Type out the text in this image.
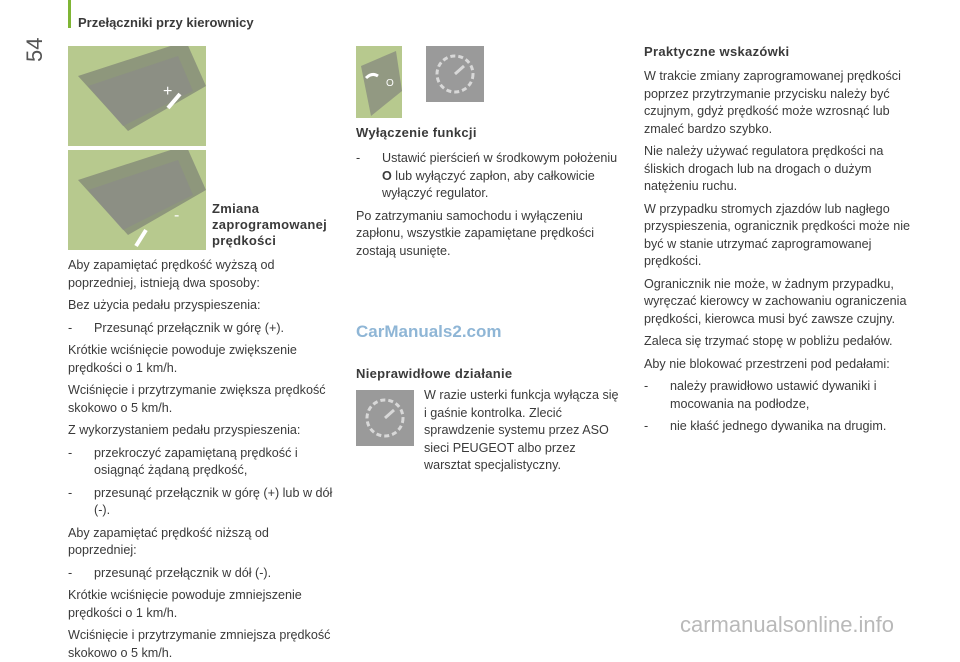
54
Przełączniki przy kierownicy
+
-	Zmiana
zaprogramowanej
prędkości

Aby zapamiętać prędkość wyższą od poprzedniej, istnieją dwa sposoby:

Bez użycia pedału przyspieszenia:

- Przesunąć przełącznik w górę (+).

Krótkie wciśnięcie powoduje zwiększenie prędkości o 1 km/h.

Wciśnięcie i przytrzymanie zwiększa prędkość skokowo o 5 km/h.

Z wykorzystaniem pedału przyspieszenia:

- przekroczyć zapamiętaną prędkość i osiągnąć żądaną prędkość,

- przesunąć przełącznik w górę (+) lub w dół (-).

Aby zapamiętać prędkość niższą od poprzedniej:

- przesunąć przełącznik w dół (-).

Krótkie wciśnięcie powoduje zmniejszenie prędkości o 1 km/h.

Wciśnięcie i przytrzymanie zmniejsza prędkość skokowo o 5 km/h.

O
Wyłączenie funkcji

- Ustawić pierścień w środkowym położeniu O lub wyłączyć zapłon, aby całkowicie wyłączyć regulator.

Po zatrzymaniu samochodu i wyłączeniu zapłonu, wszystkie zapamiętane prędkości zostają usunięte.

CarManuals2.com
Nieprawidłowe działanie

W razie usterki funkcja wyłącza się i gaśnie kontrolka. Zlecić sprawdzenie systemu przez ASO sieci PEUGEOT albo przez warsztat specjalistyczny.

Praktyczne wskazówki

W trakcie zmiany zaprogramowanej prędkości poprzez przytrzymanie przycisku należy być czujnym, gdyż prędkość może wzrosnąć lub zmaleć bardzo szybko.

Nie należy używać regulatora prędkości na śliskich drogach lub na drogach o dużym natężeniu ruchu.

W przypadku stromych zjazdów lub nagłego przyspieszenia, ogranicznik prędkości może nie być w stanie utrzymać zaprogramowanej prędkości.

Ogranicznik nie może, w żadnym przypadku, wyręczać kierowcy w zachowaniu ograniczenia prędkości, kierowca musi być zawsze czujny.

Zaleca się trzymać stopę w pobliżu pedałów.

Aby nie blokować przestrzeni pod pedałami:

- należy prawidłowo ustawić dywaniki i mocowania na podłodze,

- nie kłaść jednego dywanika na drugim.

carmanualsonline.info
